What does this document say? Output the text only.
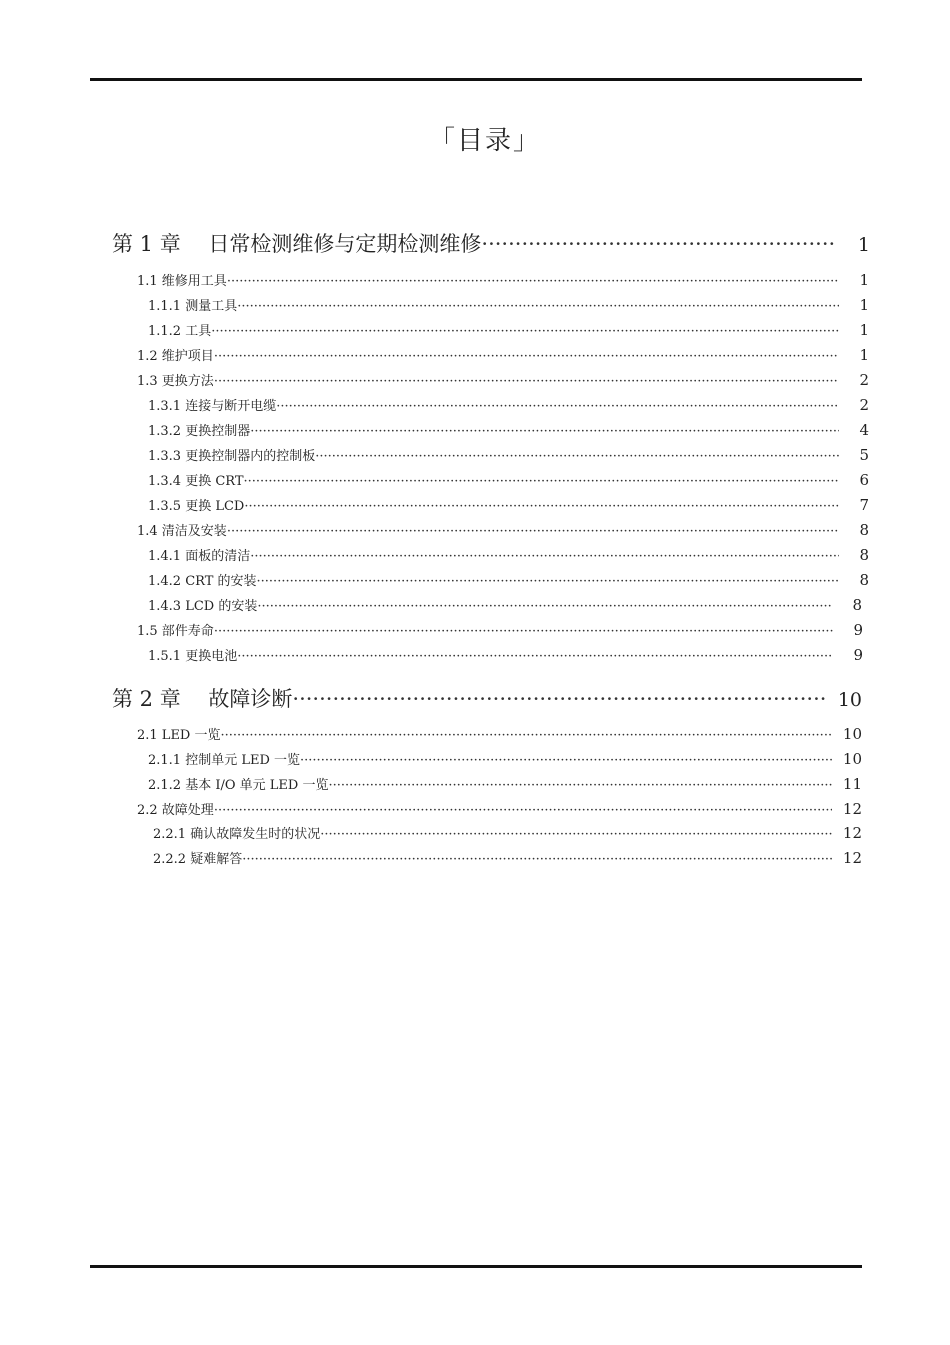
「目录」
第 1 章　 日常检测维修与定期检测维修 ·····	1
1.1 维修用工具 ·····	1
1.1.1 测量工具 ·····	1
1.1.2 工具 ·····	1
1.2 维护项目 ·····	1
1.3 更换方法 ·····	2
1.3.1 连接与断开电缆 ·····	2
1.3.2 更换控制器 ·····	4
1.3.3 更换控制器内的控制板 ·····	5
1.3.4 更换 CRT ·····	6
1.3.5 更换 LCD ·····	7
1.4 清洁及安装 ·····	8
1.4.1 面板的清洁 ·····	8
1.4.2 CRT 的安装 ·····	8
1.4.3 LCD 的安装 ·····	8
1.5 部件寿命 ·····	9
1.5.1 更换电池 ·····	9
第 2 章　 故障诊断 ·····	10
2.1 LED 一览 ·····	10
2.1.1 控制单元 LED 一览 ·····	10
2.1.2 基本 I/O 单元 LED 一览 ·····	11
2.2 故障处理 ·····	12
2.2.1 确认故障发生时的状况 ·····	12
2.2.2 疑难解答 ·····	12
